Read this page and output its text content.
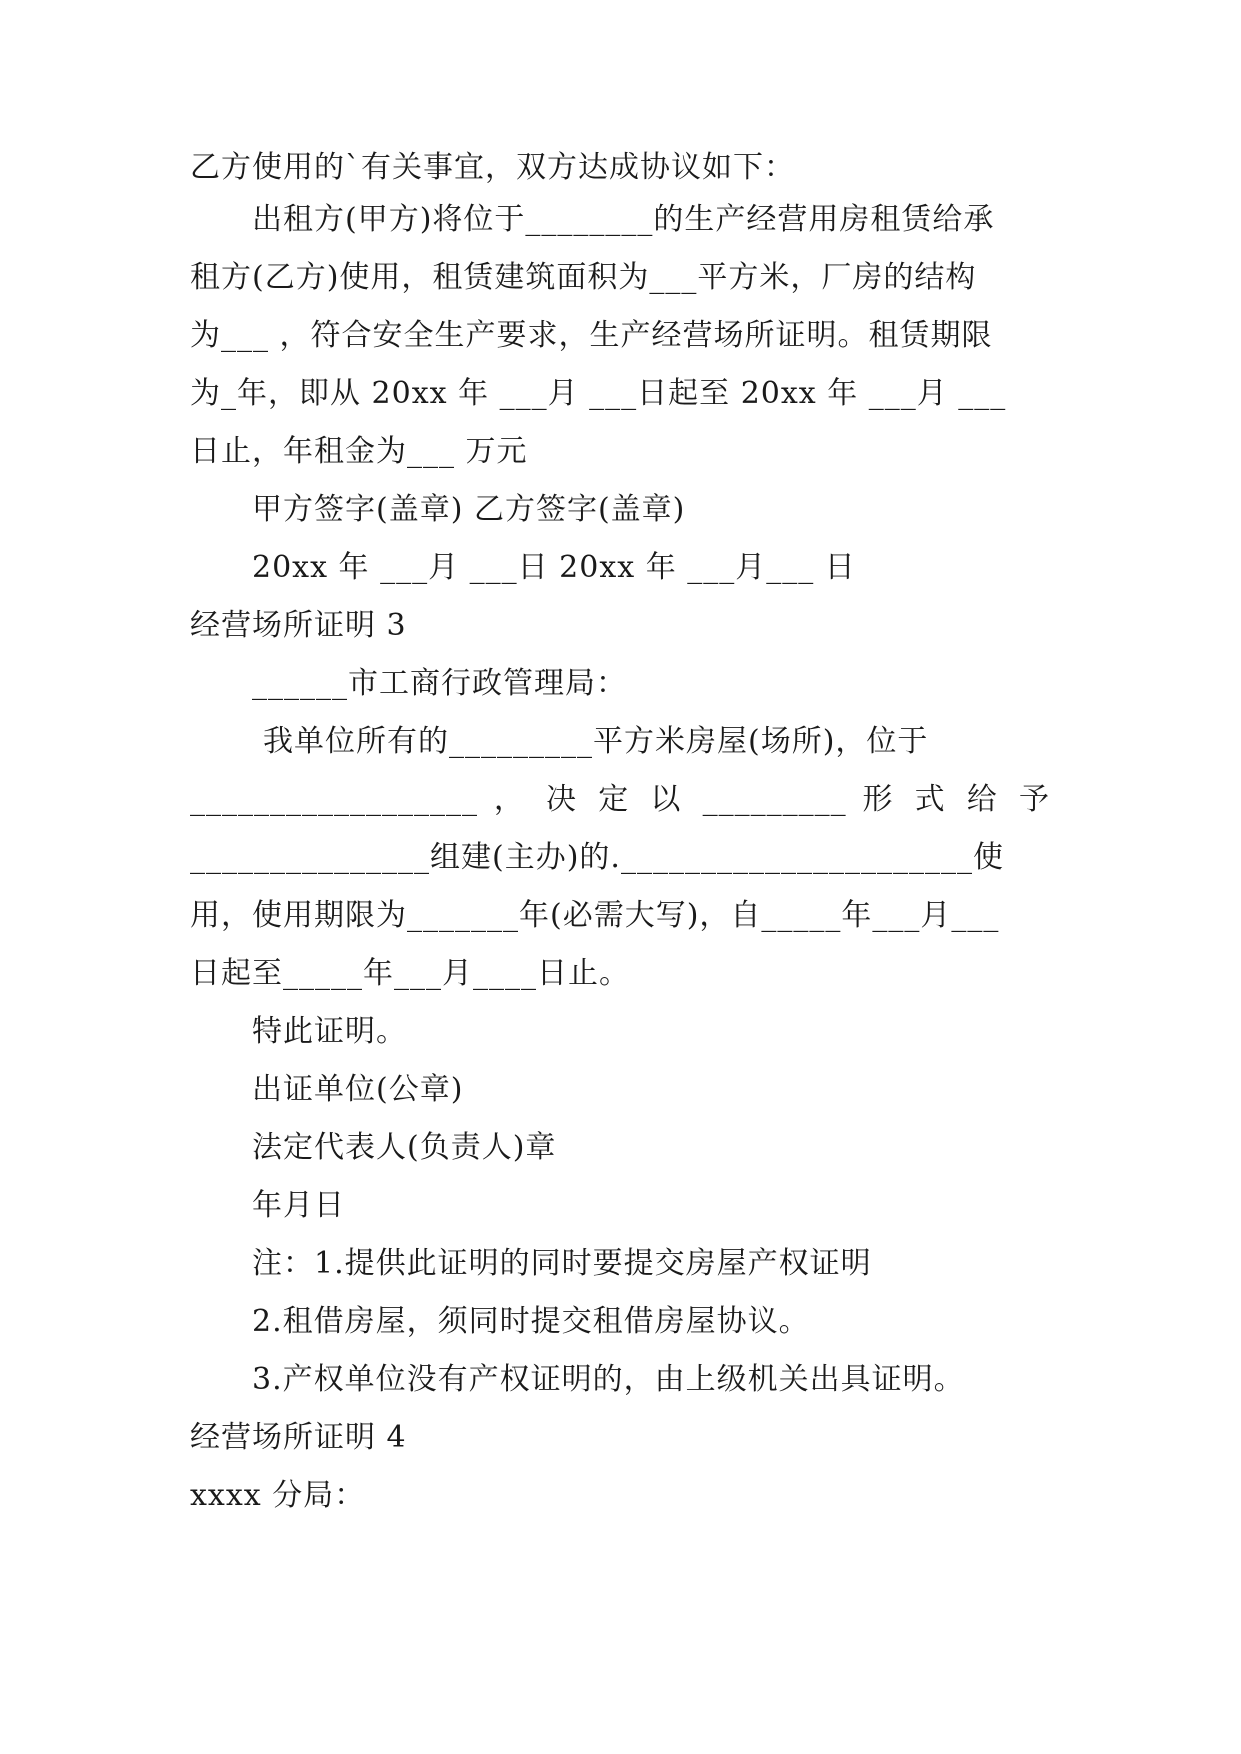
乙方使用的`有关事宜，双方达成协议如下：
出租方(甲方)将位于________的生产经营用房租赁给承
租方(乙方)使用，租赁建筑面积为___平方米，厂房的结构
为___ ，符合安全生产要求，生产经营场所证明。租赁期限
为_年，即从 20xx 年 ___月 ___日起至 20xx 年 ___月 ___
日止，年租金为___ 万元
甲方签字(盖章) 乙方签字(盖章)
20xx 年 ___月 ___日 20xx 年 ___月___ 日
经营场所证明 3
______市工商行政管理局：
我单位所有的_________平方米房屋(场所)，位于
__________________ ， 决 定 以 _________ 形 式 给 予
_______________组建(主办)的.______________________使
用，使用期限为_______年(必需大写)，自_____年___月___
日起至_____年___月____日止。
特此证明。
出证单位(公章)
法定代表人(负责人)章
年月日
注：1.提供此证明的同时要提交房屋产权证明
2.租借房屋，须同时提交租借房屋协议。
3.产权单位没有产权证明的，由上级机关出具证明。
经营场所证明 4
xxxx 分局：
